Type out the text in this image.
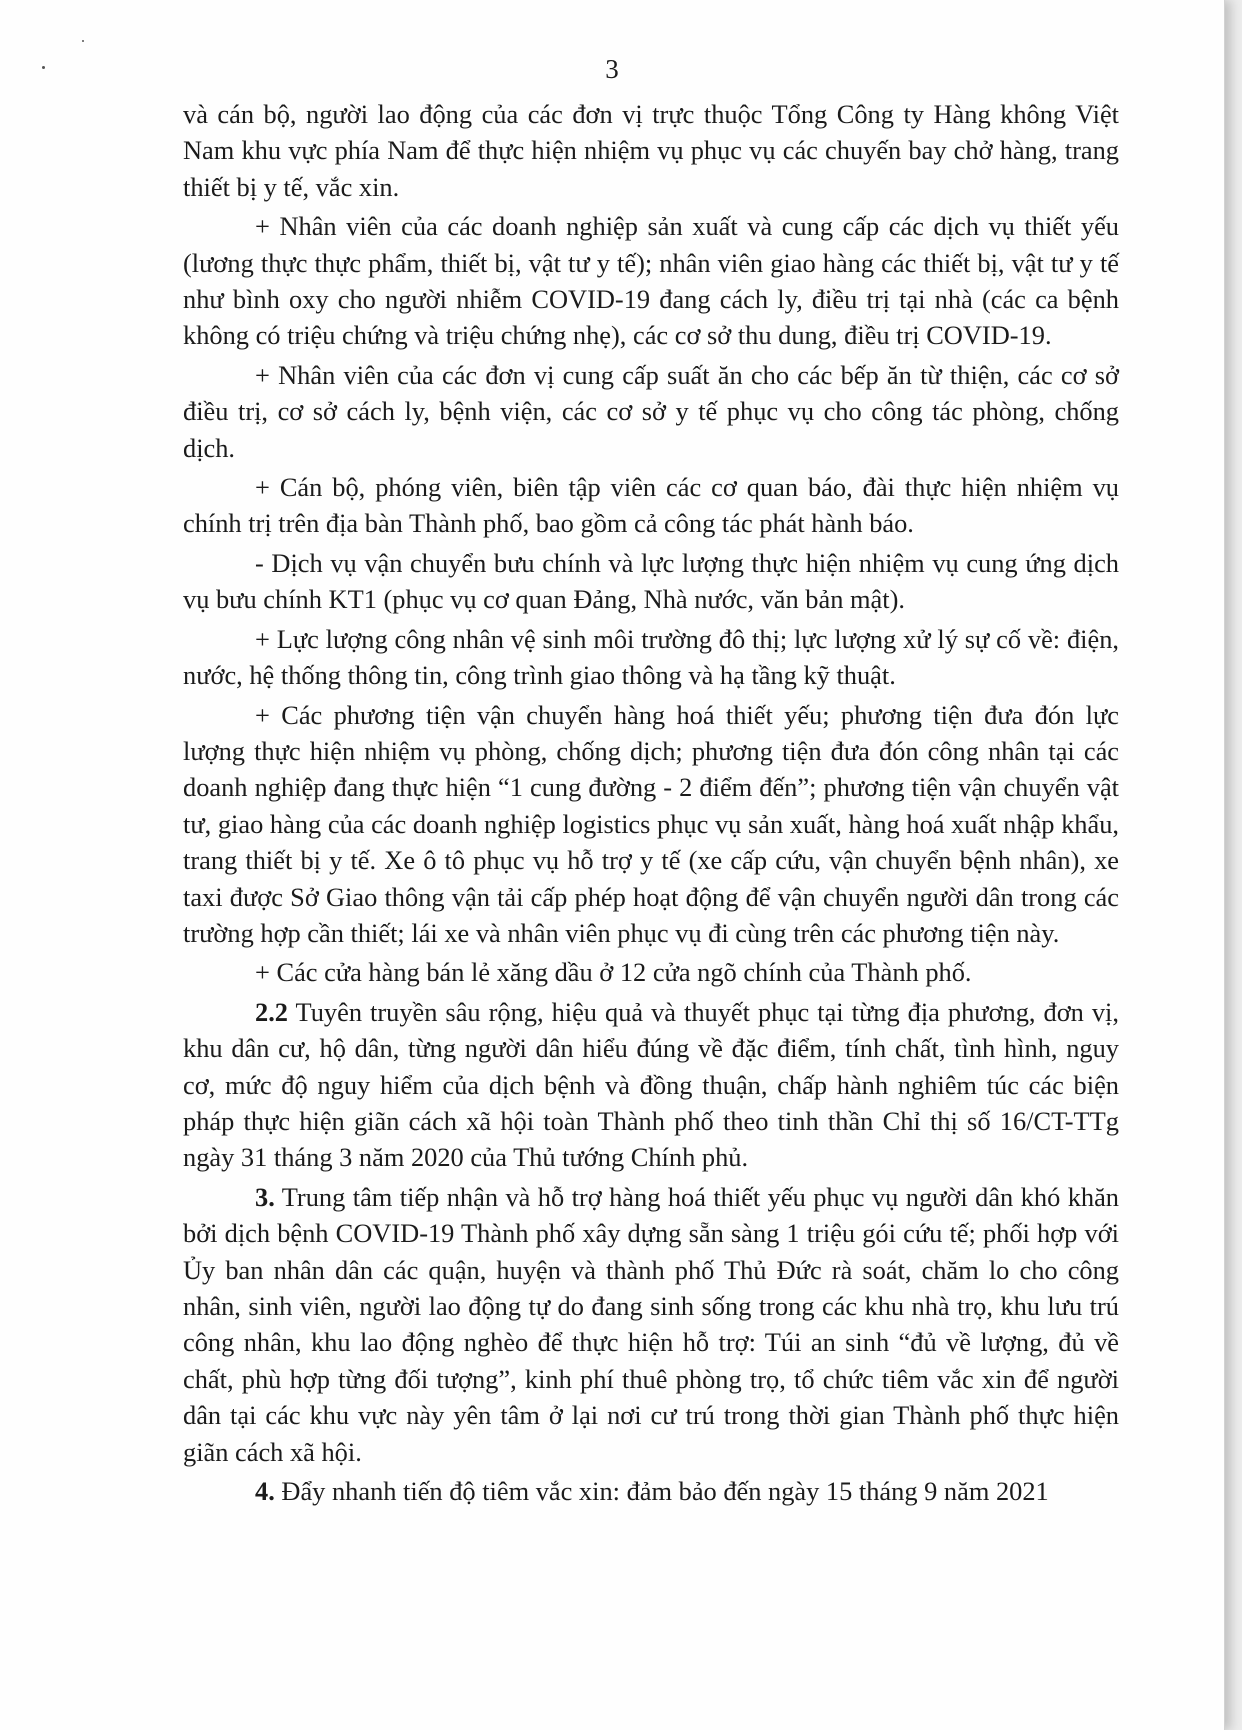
3

và cán bộ, người lao động của các đơn vị trực thuộc Tổng Công ty Hàng không Việt Nam khu vực phía Nam để thực hiện nhiệm vụ phục vụ các chuyến bay chở hàng, trang thiết bị y tế, vắc xin.

+ Nhân viên của các doanh nghiệp sản xuất và cung cấp các dịch vụ thiết yếu (lương thực thực phẩm, thiết bị, vật tư y tế); nhân viên giao hàng các thiết bị, vật tư y tế như bình oxy cho người nhiễm COVID-19 đang cách ly, điều trị tại nhà (các ca bệnh không có triệu chứng và triệu chứng nhẹ), các cơ sở thu dung, điều trị COVID-19.

+ Nhân viên của các đơn vị cung cấp suất ăn cho các bếp ăn từ thiện, các cơ sở điều trị, cơ sở cách ly, bệnh viện, các cơ sở y tế phục vụ cho công tác phòng, chống dịch.

+ Cán bộ, phóng viên, biên tập viên các cơ quan báo, đài thực hiện nhiệm vụ chính trị trên địa bàn Thành phố, bao gồm cả công tác phát hành báo.

- Dịch vụ vận chuyển bưu chính và lực lượng thực hiện nhiệm vụ cung ứng dịch vụ bưu chính KT1 (phục vụ cơ quan Đảng, Nhà nước, văn bản mật).

+ Lực lượng công nhân vệ sinh môi trường đô thị; lực lượng xử lý sự cố về: điện, nước, hệ thống thông tin, công trình giao thông và hạ tầng kỹ thuật.

+ Các phương tiện vận chuyển hàng hoá thiết yếu; phương tiện đưa đón lực lượng thực hiện nhiệm vụ phòng, chống dịch; phương tiện đưa đón công nhân tại các doanh nghiệp đang thực hiện “1 cung đường - 2 điểm đến”; phương tiện vận chuyển vật tư, giao hàng của các doanh nghiệp logistics phục vụ sản xuất, hàng hoá xuất nhập khẩu, trang thiết bị y tế. Xe ô tô phục vụ hỗ trợ y tế (xe cấp cứu, vận chuyển bệnh nhân), xe taxi được Sở Giao thông vận tải cấp phép hoạt động để vận chuyển người dân trong các trường hợp cần thiết; lái xe và nhân viên phục vụ đi cùng trên các phương tiện này.

+ Các cửa hàng bán lẻ xăng dầu ở 12 cửa ngõ chính của Thành phố.

2.2 Tuyên truyền sâu rộng, hiệu quả và thuyết phục tại từng địa phương, đơn vị, khu dân cư, hộ dân, từng người dân hiểu đúng về đặc điểm, tính chất, tình hình, nguy cơ, mức độ nguy hiểm của dịch bệnh và đồng thuận, chấp hành nghiêm túc các biện pháp thực hiện giãn cách xã hội toàn Thành phố theo tinh thần Chỉ thị số 16/CT-TTg ngày 31 tháng 3 năm 2020 của Thủ tướng Chính phủ.

3. Trung tâm tiếp nhận và hỗ trợ hàng hoá thiết yếu phục vụ người dân khó khăn bởi dịch bệnh COVID-19 Thành phố xây dựng sẵn sàng 1 triệu gói cứu tế; phối hợp với Ủy ban nhân dân các quận, huyện và thành phố Thủ Đức rà soát, chăm lo cho công nhân, sinh viên, người lao động tự do đang sinh sống trong các khu nhà trọ, khu lưu trú công nhân, khu lao động nghèo để thực hiện hỗ trợ: Túi an sinh “đủ về lượng, đủ về chất, phù hợp từng đối tượng”, kinh phí thuê phòng trọ, tổ chức tiêm vắc xin để người dân tại các khu vực này yên tâm ở lại nơi cư trú trong thời gian Thành phố thực hiện giãn cách xã hội.

4. Đẩy nhanh tiến độ tiêm vắc xin: đảm bảo đến ngày 15 tháng 9 năm 2021
